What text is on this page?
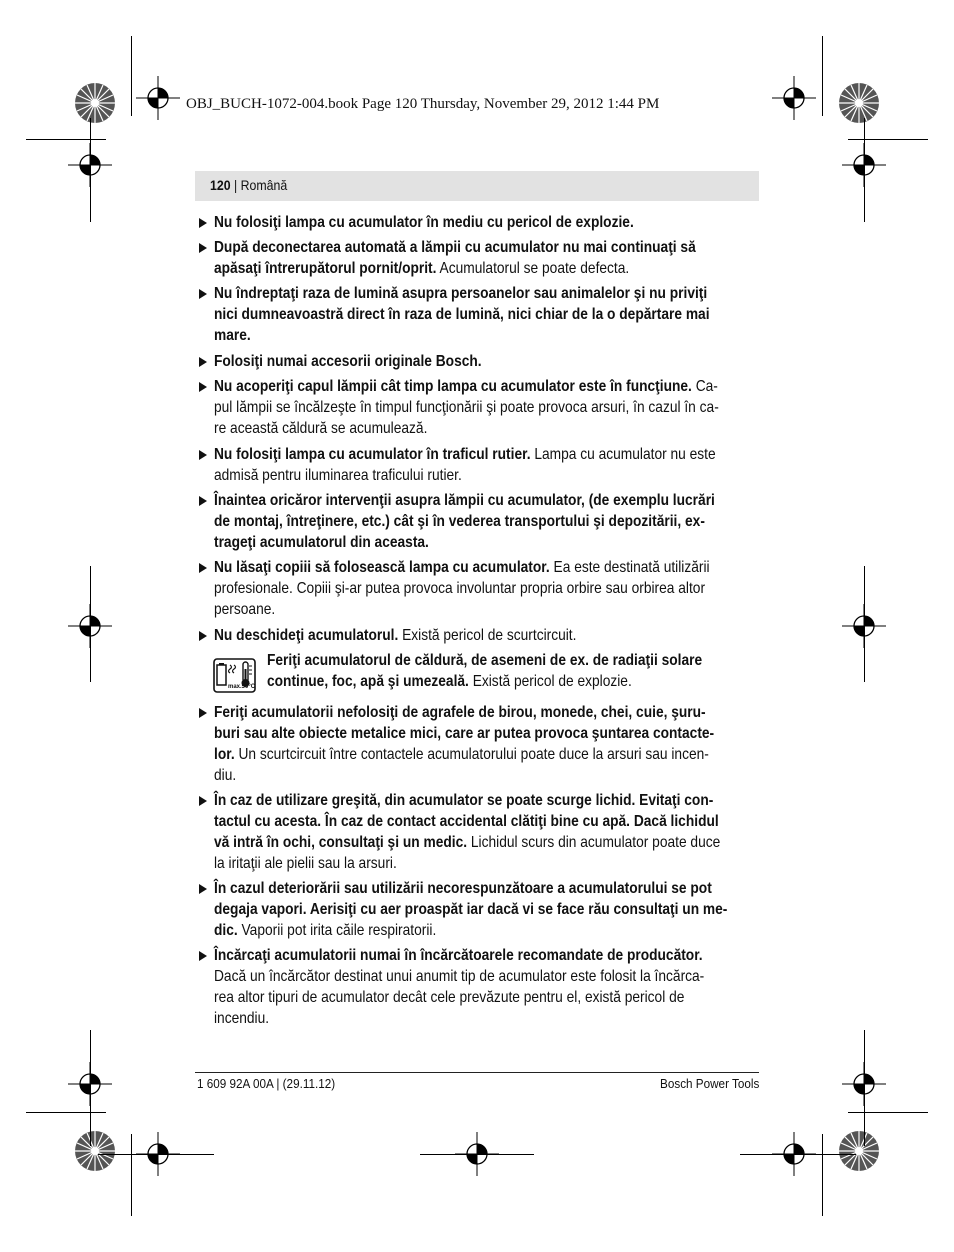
OBJ_BUCH-1072-004.book Page 120 Thursday, November 29, 2012 1:44 PM
120 | Română
Nu folosiţi lampa cu acumulator în mediu cu pericol de explozie.
După deconectarea automată a lămpii cu acumulator nu mai continuaţi să
apăsaţi întrerupătorul pornit/oprit. Acumulatorul se poate defecta.
Nu îndreptaţi raza de lumină asupra persoanelor sau animalelor şi nu priviţi
nici dumneavoastră direct în raza de lumină, nici chiar de la o depărtare mai
mare.
Folosiţi numai accesorii originale Bosch.
Nu acoperiţi capul lămpii cât timp lampa cu acumulator este în funcţiune. Ca-
pul lămpii se încălzeşte în timpul funcţionării şi poate provoca arsuri, în cazul în ca-
re această căldură se acumulează.
Nu folosiţi lampa cu acumulator în traficul rutier. Lampa cu acumulator nu este
admisă pentru iluminarea traficului rutier.
Înaintea oricăror intervenţii asupra lămpii cu acumulator, (de exemplu lucrări
de montaj, întreţinere, etc.) cât şi în vederea transportului şi depozitării, ex-
trageţi acumulatorul din aceasta.
Nu lăsaţi copiii să folosească lampa cu acumulator. Ea este destinată utilizării
profesionale. Copiii şi-ar putea provoca involuntar propria orbire sau orbirea altor
persoane.
Nu deschideţi acumulatorul. Există pericol de scurtcircuit.
Feriţi acumulatorul de căldură, de asemeni de ex. de radiaţii solare
continue, foc, apă şi umezeală. Există pericol de explozie.
Feriţi acumulatorii nefolosiţi de agrafele de birou, monede, chei, cuie, şuru-
buri sau alte obiecte metalice mici, care ar putea provoca şuntarea contacte-
lor. Un scurtcircuit între contactele acumulatorului poate duce la arsuri sau incen-
diu.
În caz de utilizare greşită, din acumulator se poate scurge lichid. Evitaţi con-
tactul cu acesta. În caz de contact accidental clătiţi bine cu apă. Dacă lichidul
vă intră în ochi, consultaţi şi un medic. Lichidul scurs din acumulator poate duce
la iritaţii ale pielii sau la arsuri.
În cazul deteriorării sau utilizării necorespunzătoare a acumulatorului se pot
degaja vapori. Aerisiţi cu aer proaspăt iar dacă vi se face rău consultaţi un me-
dic. Vaporii pot irita căile respiratorii.
Încărcaţi acumulatorii numai în încărcătoarele recomandate de producător.
Dacă un încărcător destinat unui anumit tip de acumulator este folosit la încărca-
rea altor tipuri de acumulator decât cele prevăzute pentru el, există pericol de
incendiu.
max.50°C
1 609 92A 00A | (29.11.12)	Bosch Power Tools
